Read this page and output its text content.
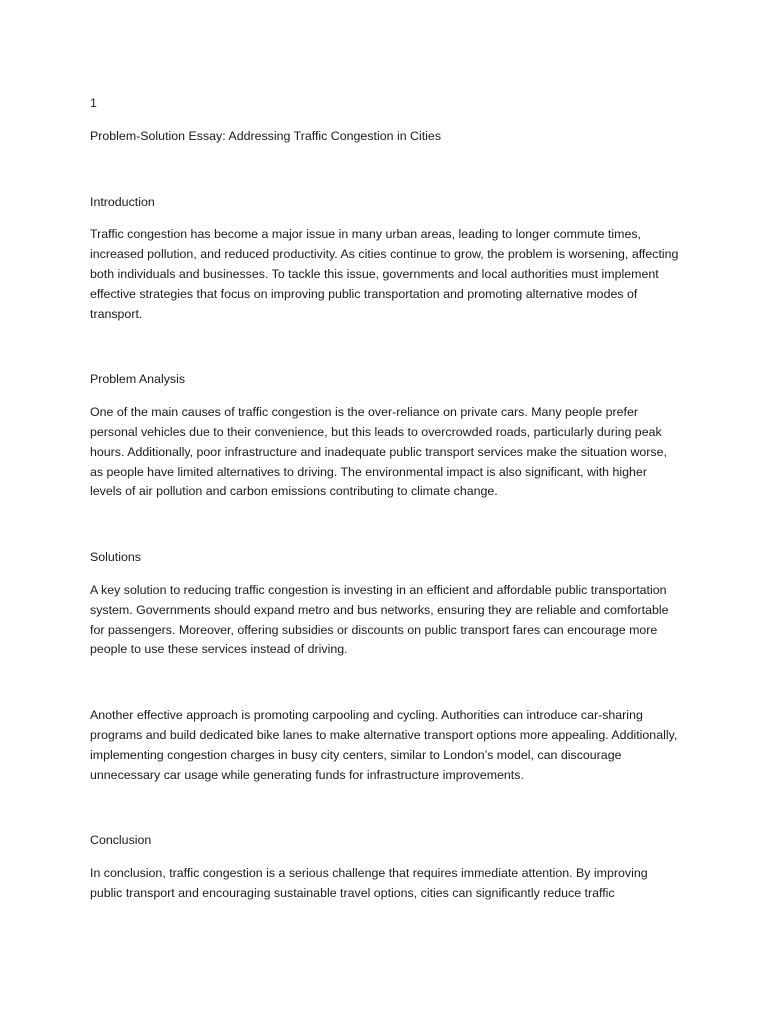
1

Problem-Solution Essay: Addressing Traffic Congestion in Cities

Introduction

Traffic congestion has become a major issue in many urban areas, leading to longer commute times, increased pollution, and reduced productivity. As cities continue to grow, the problem is worsening, affecting both individuals and businesses. To tackle this issue, governments and local authorities must implement effective strategies that focus on improving public transportation and promoting alternative modes of transport.

Problem Analysis

One of the main causes of traffic congestion is the over-reliance on private cars. Many people prefer personal vehicles due to their convenience, but this leads to overcrowded roads, particularly during peak hours. Additionally, poor infrastructure and inadequate public transport services make the situation worse, as people have limited alternatives to driving. The environmental impact is also significant, with higher levels of air pollution and carbon emissions contributing to climate change.

Solutions

A key solution to reducing traffic congestion is investing in an efficient and affordable public transportation system. Governments should expand metro and bus networks, ensuring they are reliable and comfortable for passengers. Moreover, offering subsidies or discounts on public transport fares can encourage more people to use these services instead of driving.

Another effective approach is promoting carpooling and cycling. Authorities can introduce car-sharing programs and build dedicated bike lanes to make alternative transport options more appealing. Additionally, implementing congestion charges in busy city centers, similar to London’s model, can discourage unnecessary car usage while generating funds for infrastructure improvements.

Conclusion

In conclusion, traffic congestion is a serious challenge that requires immediate attention. By improving public transport and encouraging sustainable travel options, cities can significantly reduce traffic
